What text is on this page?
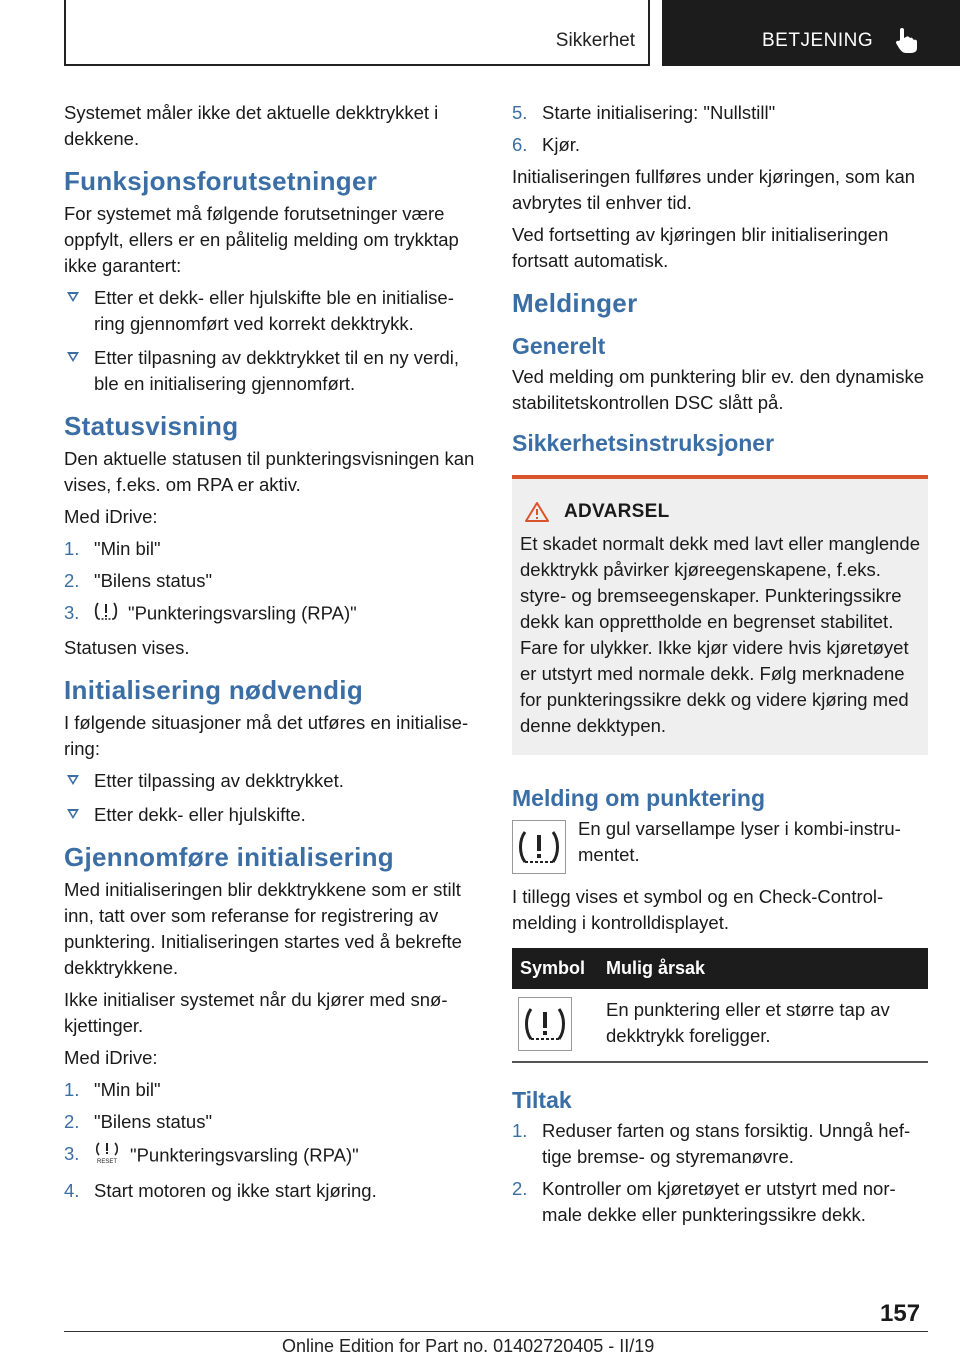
Sikkerhet	BETJENING

Systemet måler ikke det aktuelle dekktrykket i dekkene.

Funksjonsforutsetninger

For systemet må følgende forutsetninger være oppfylt, ellers er en pålitelig melding om trykktap ikke garantert:

Etter et dekk- eller hjulskifte ble en initialisering gjennomført ved korrekt dekktrykk.
Etter tilpasning av dekktrykket til en ny verdi, ble en initialisering gjennomført.
Statusvisning

Den aktuelle statusen til punkteringsvisningen kan vises, f.eks. om RPA er aktiv.

Med iDrive:

1. "Min bil"
2. "Bilens status"
3.	"Punkteringsvarsling (RPA)"

Statusen vises.

Initialisering nødvendig

I følgende situasjoner må det utføres en initialisering:

Etter tilpassing av dekktrykket.
Etter dekk- eller hjulskifte.
Gjennomføre initialisering

Med initialiseringen blir dekktrykkene som er stilt inn, tatt over som referanse for registrering av punktering. Initialiseringen startes ved å bekrefte dekktrykkene.

Ikke initialiser systemet når du kjører med snøkjettinger.

Med iDrive:

1. "Min bil"
2. "Bilens status"
3.	RESET "Punkteringsvarsling (RPA)"
4. Start motoren og ikke start kjøring.
5. Starte initialisering: "Nullstill"
6. Kjør.

Initialiseringen fullføres under kjøringen, som kan avbrytes til enhver tid.

Ved fortsetting av kjøringen blir initialiseringen fortsatt automatisk.

Meldinger
Generelt

Ved melding om punktering blir ev. den dynamiske stabilitetskontrollen DSC slått på.

Sikkerhetsinstruksjoner
ADVARSEL

Et skadet normalt dekk med lavt eller manglende dekktrykk påvirker kjøreegenskapene, f.eks. styre- og bremseegenskaper. Punkteringssikre dekk kan opprettholde en begrenset stabilitet. Fare for ulykker. Ikke kjør videre hvis kjøretøyet er utstyrt med normale dekk. Følg merknadene for punkteringssikre dekk og videre kjøring med denne dekktypen.

Melding om punktering

En gul varsellampe lyser i kombi-instrumentet.

I tillegg vises et symbol og en Check-Control-melding i kontrolldisplayet.

Symbol	Mulig årsak

	En punktering eller et større tap av dekktrykk foreligger.
Tiltak
1. Reduser farten og stans forsiktig. Unngå heftige bremse- og styremanøvre.
2. Kontroller om kjøretøyet er utstyrt med normale dekke eller punkteringssikre dekk.
157
Online Edition for Part no. 01402720405 - II/19
